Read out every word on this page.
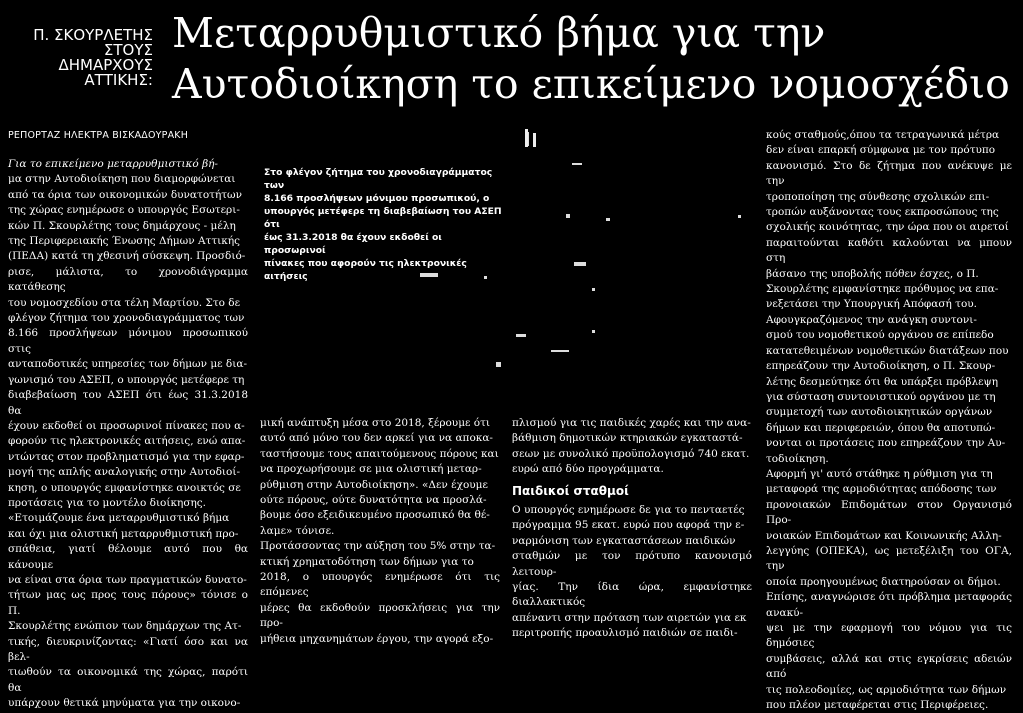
Π. ΣΚΟΥΡΛΕΤΗΣ
ΣΤΟΥΣ
ΔΗΜΑΡΧΟΥΣ
ΑΤΤΙΚΗΣ:
Μεταρρυθμιστικό βήμα για την
Αυτοδιοίκηση το επικείμενο νομοσχέδιο
ΡΕΠΟΡΤΑΖ ΗΛΕΚΤΡΑ ΒΙΣΚΑΔΟΥΡΑΚΗ
Στο φλέγον ζήτημα του χρονοδιαγράμματος των
8.166 προσλήψεων μόνιμου προσωπικού, ο
υπουργός μετέφερε τη διαβεβαίωση του ΑΣΕΠ ότι
έως 31.3.2018 θα έχουν εκδοθεί οι προσωρινοί
πίνακες που αφορούν τις ηλεκτρονικές αιτήσεις

Για το επικείμενο μεταρρυθμιστικό βή-

μα στην Αυτοδιοίκηση που διαμορφώνεται

από τα όρια των οικονομικών δυνατοτήτων

της χώρας ενημέρωσε ο υπουργός Εσωτερι-

κών Π. Σκουρλέτης τους δημάρχους - μέλη

της Περιφερειακής Ένωσης Δήμων Αττικής

(ΠΕΔΑ) κατά τη χθεσινή σύσκεψη. Προσδιό-

ρισε, μάλιστα, το χρονοδιάγραμμα κατάθεσης

του νομοσχεδίου στα τέλη Μαρτίου. Στο δε

φλέγον ζήτημα του χρονοδιαγράμματος των

8.166 προσλήψεων μόνιμου προσωπικού στις

ανταποδοτικές υπηρεσίες των δήμων με δια-

γωνισμό του ΑΣΕΠ, ο υπουργός μετέφερε τη

διαβεβαίωση του ΑΣΕΠ ότι έως 31.3.2018 θα

έχουν εκδοθεί οι προσωρινοί πίνακες που α-

φορούν τις ηλεκτρονικές αιτήσεις, ενώ απα-

ντώντας στον προβληματισμό για την εφαρ-

μογή της απλής αναλογικής στην Αυτοδιοί-

κηση, ο υπουργός εμφανίστηκε ανοικτός σε

προτάσεις για το μοντέλο διοίκησης.

«Ετοιμάζουμε ένα μεταρρυθμιστικό βήμα

και όχι μια ολιστική μεταρρυθμιστική προ-

σπάθεια, γιατί θέλουμε αυτό που θα κάνουμε

να είναι στα όρια των πραγματικών δυνατο-

τήτων μας ως προς τους πόρους» τόνισε ο Π.

Σκουρλέτης ενώπιον των δημάρχων της Ατ-

τικής, διευκρινίζοντας: «Γιατί όσο και να βελ-

τιωθούν τα οικονομικά της χώρας, παρότι θα

υπάρχουν θετικά μηνύματα για την οικονο-

μική ανάπτυξη μέσα στο 2018, ξέρουμε ότι

αυτό από μόνο του δεν αρκεί για να αποκα-

ταστήσουμε τους απαιτούμενους πόρους και

να προχωρήσουμε σε μια ολιστική μεταρ-

ρύθμιση στην Αυτοδιοίκηση». «Δεν έχουμε

ούτε πόρους, ούτε δυνατότητα να προσλά-

βουμε όσο εξειδικευμένο προσωπικό θα θέ-

λαμε» τόνισε.

Προτάσσοντας την αύξηση του 5% στην τα-

κτική χρηματοδότηση των δήμων για το

2018, ο υπουργός ενημέρωσε ότι τις επόμενες

μέρες θα εκδοθούν προσκλήσεις για την προ-

μήθεια μηχανημάτων έργου, την αγορά εξο-

πλισμού για τις παιδικές χαρές και την ανα-

βάθμιση δημοτικών κτηριακών εγκαταστά-

σεων με συνολικό προϋπολογισμό 740 εκατ.

ευρώ από δύο προγράμματα.

Παιδικοί σταθμοί

Ο υπουργός ενημέρωσε δε για το πενταετές

πρόγραμμα 95 εκατ. ευρώ που αφορά την ε-

ναρμόνιση των εγκαταστάσεων παιδικών

σταθμών με τον πρότυπο κανονισμό λειτουρ-

γίας. Την ίδια ώρα, εμφανίστηκε διαλλακτικός

απέναντι στην πρόταση των αιρετών για εκ

περιτροπής προαυλισμό παιδιών σε παιδι-

κούς σταθμούς,όπου τα τετραγωνικά μέτρα

δεν είναι επαρκή σύμφωνα με τον πρότυπο

κανονισμό. Στο δε ζήτημα που ανέκυψε με την

τροποποίηση της σύνθεσης σχολικών επι-

τροπών αυξάνοντας τους εκπροσώπους της

σχολικής κοινότητας, την ώρα που οι αιρετοί

παραιτούνται καθότι καλούνται να μπουν στη

βάσανο της υποβολής πόθεν έσχες, ο Π.

Σκουρλέτης εμφανίστηκε πρόθυμος να επα-

νεξετάσει την Υπουργική Απόφασή του.

Αφουγκραζόμενος την ανάγκη συντονι-

σμού του νομοθετικού οργάνου σε επίπεδο

κατατεθειμένων νομοθετικών διατάξεων που

επηρεάζουν την Αυτοδιοίκηση, ο Π. Σκουρ-

λέτης δεσμεύτηκε ότι θα υπάρξει πρόβλεψη

για σύσταση συντονιστικού οργάνου με τη

συμμετοχή των αυτοδιοικητικών οργάνων

δήμων και περιφερειών, όπου θα αποτυπώ-

νονται οι προτάσεις που επηρεάζουν την Αυ-

τοδιοίκηση.

Αφορμή γι' αυτό στάθηκε η ρύθμιση για τη

μεταφορά της αρμοδιότητας απόδοσης των

προνοιακών Επιδομάτων στον Οργανισμό Προ-

νοιακών Επιδομάτων και Κοινωνικής Αλλη-

λεγγύης (ΟΠΕΚΑ), ως μετεξέλιξη του ΟΓΑ, την

οποία προηγουμένως διατηρούσαν οι δήμοι.

Επίσης, αναγνώρισε ότι πρόβλημα μεταφοράς ανακύ-

ψει με την εφαρμογή του νόμου για τις δημόσιες

συμβάσεις, αλλά και στις εγκρίσεις αδειών από

τις πολεοδομίες, ως αρμοδιότητα των δήμων

που πλέον μεταφέρεται στις Περιφέρειες.
